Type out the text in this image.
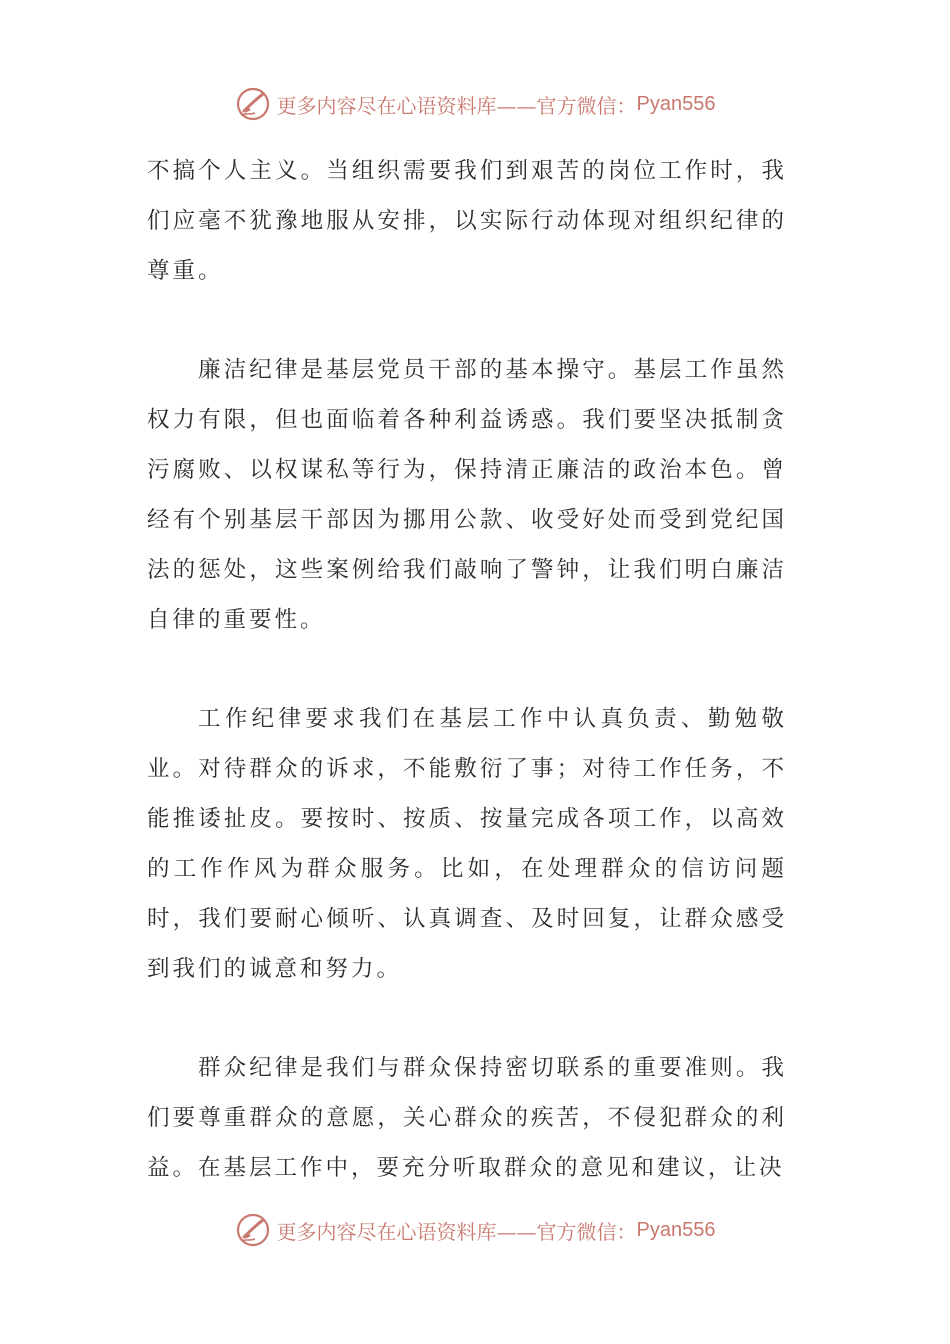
更多内容尽在心语资料库——官方微信： Pyan556

不搞个人主义。当组织需要我们到艰苦的岗位工作时，我们应毫不犹豫地服从安排，以实际行动体现对组织纪律的尊重。

廉洁纪律是基层党员干部的基本操守。基层工作虽然权力有限，但也面临着各种利益诱惑。我们要坚决抵制贪污腐败、以权谋私等行为，保持清正廉洁的政治本色。曾经有个别基层干部因为挪用公款、收受好处而受到党纪国法的惩处，这些案例给我们敲响了警钟，让我们明白廉洁自律的重要性。

工作纪律要求我们在基层工作中认真负责、勤勉敬业。对待群众的诉求，不能敷衍了事；对待工作任务，不能推诿扯皮。要按时、按质、按量完成各项工作，以高效的工作作风为群众服务。比如，在处理群众的信访问题时，我们要耐心倾听、认真调查、及时回复，让群众感受到我们的诚意和努力。

群众纪律是我们与群众保持密切联系的重要准则。我们要尊重群众的意愿，关心群众的疾苦，不侵犯群众的利益。在基层工作中，要充分听取群众的意见和建议，让决

更多内容尽在心语资料库——官方微信： Pyan556
